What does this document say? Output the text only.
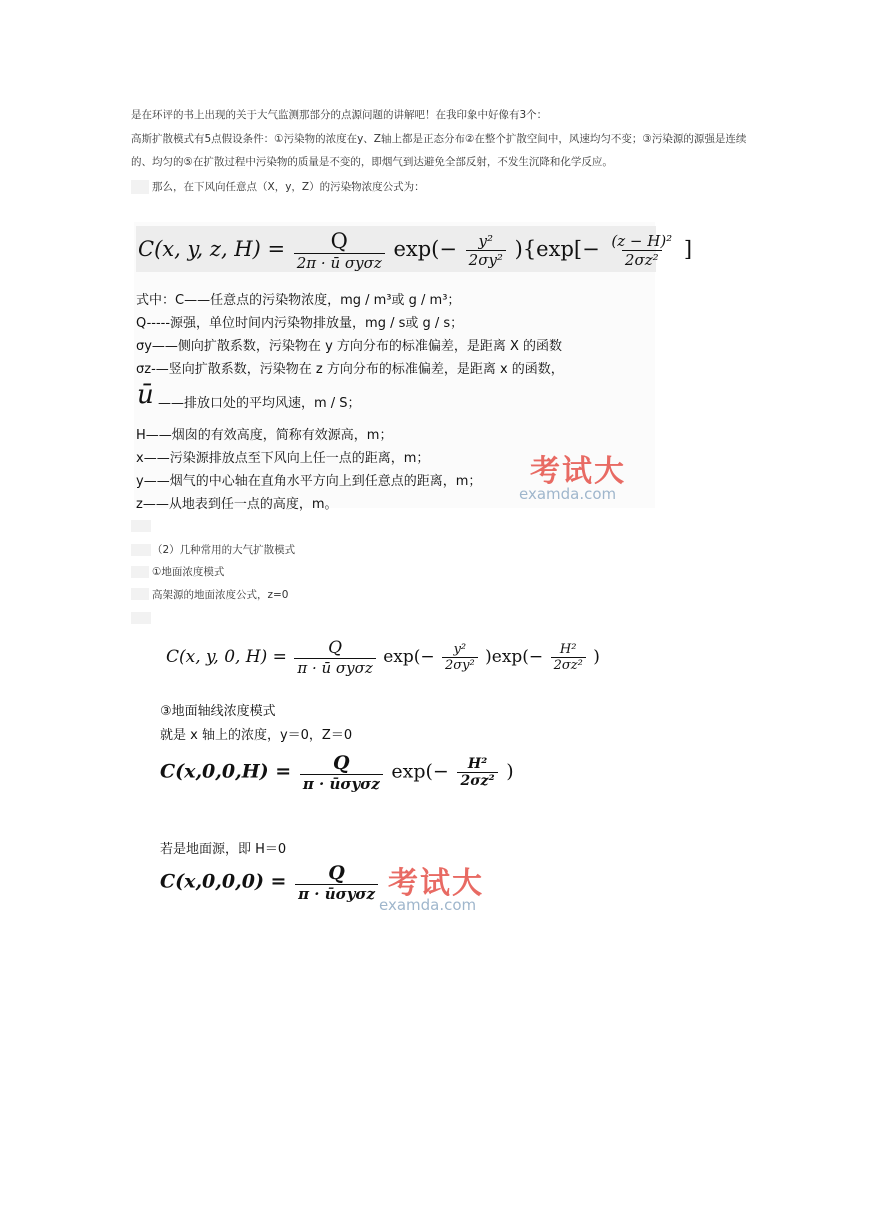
是在环评的书上出现的关于大气监测那部分的点源问题的讲解吧！在我印象中好像有3个：
高斯扩散模式有5点假设条件：①污染物的浓度在y、Z轴上都是正态分布②在整个扩散空间中，风速均匀不变；③污染源的源强是连续
的、均匀的⑤在扩散过程中污染物的质量是不变的，即烟气到达避免全部反射，不发生沉降和化学反应。
那么，在下风向任意点（X，y，Z）的污染物浓度公式为：
C(x, y, z, $H) = \frac{Q}{\text{2π · ū σyσz}} \exp(- \frac{\text{y²}}{\text{2σy²}} )\{\exp[- \frac{\text{(z − H)²}}{\text{2σz²}}$ ]
式中：C——任意点的污染物浓度，mg / m³或 g / m³；
Q-----源强，单位时间内污染物排放量，mg / s或 g / s；
σy——侧向扩散系数，污染物在 y 方向分布的标准偏差，是距离 X 的函数
σz-—竖向扩散系数，污染物在 z 方向分布的标准偏差，是距离 x 的函数，
ū ——排放口处的平均风速，m / S；
H——烟囱的有效高度，简称有效源高，m；
x——污染源排放点至下风向上任一点的距离，m；
y——烟气的中心轴在直角水平方向上到任意点的距离，m；
z——从地表到任一点的高度，m。
考试大
examda.com
（2）几种常用的大气扩散模式
①地面浓度模式
高架源的地面浓度公式，z=0
C(x, y, 0, $H) = \frac{Q}{\text{π · ū σyσz}} \exp(- \frac{\text{y²}}{\text{2σy²}} )\exp(- \frac{\text{H²}}{\text{2σz²}}$ )
③地面轴线浓度模式
就是 x 轴上的浓度，y＝0，Z＝0
$C(x,0,0,H) = \frac{Q}{\text{π · ūσyσz}} \exp(- \frac{\text{H²}}{\text{2σz²}}$ )
若是地面源，即 H＝0
$C(x,0,0,0) = \frac{Q}{\text{π · ūσyσz}}$ 考试大
examda.com
